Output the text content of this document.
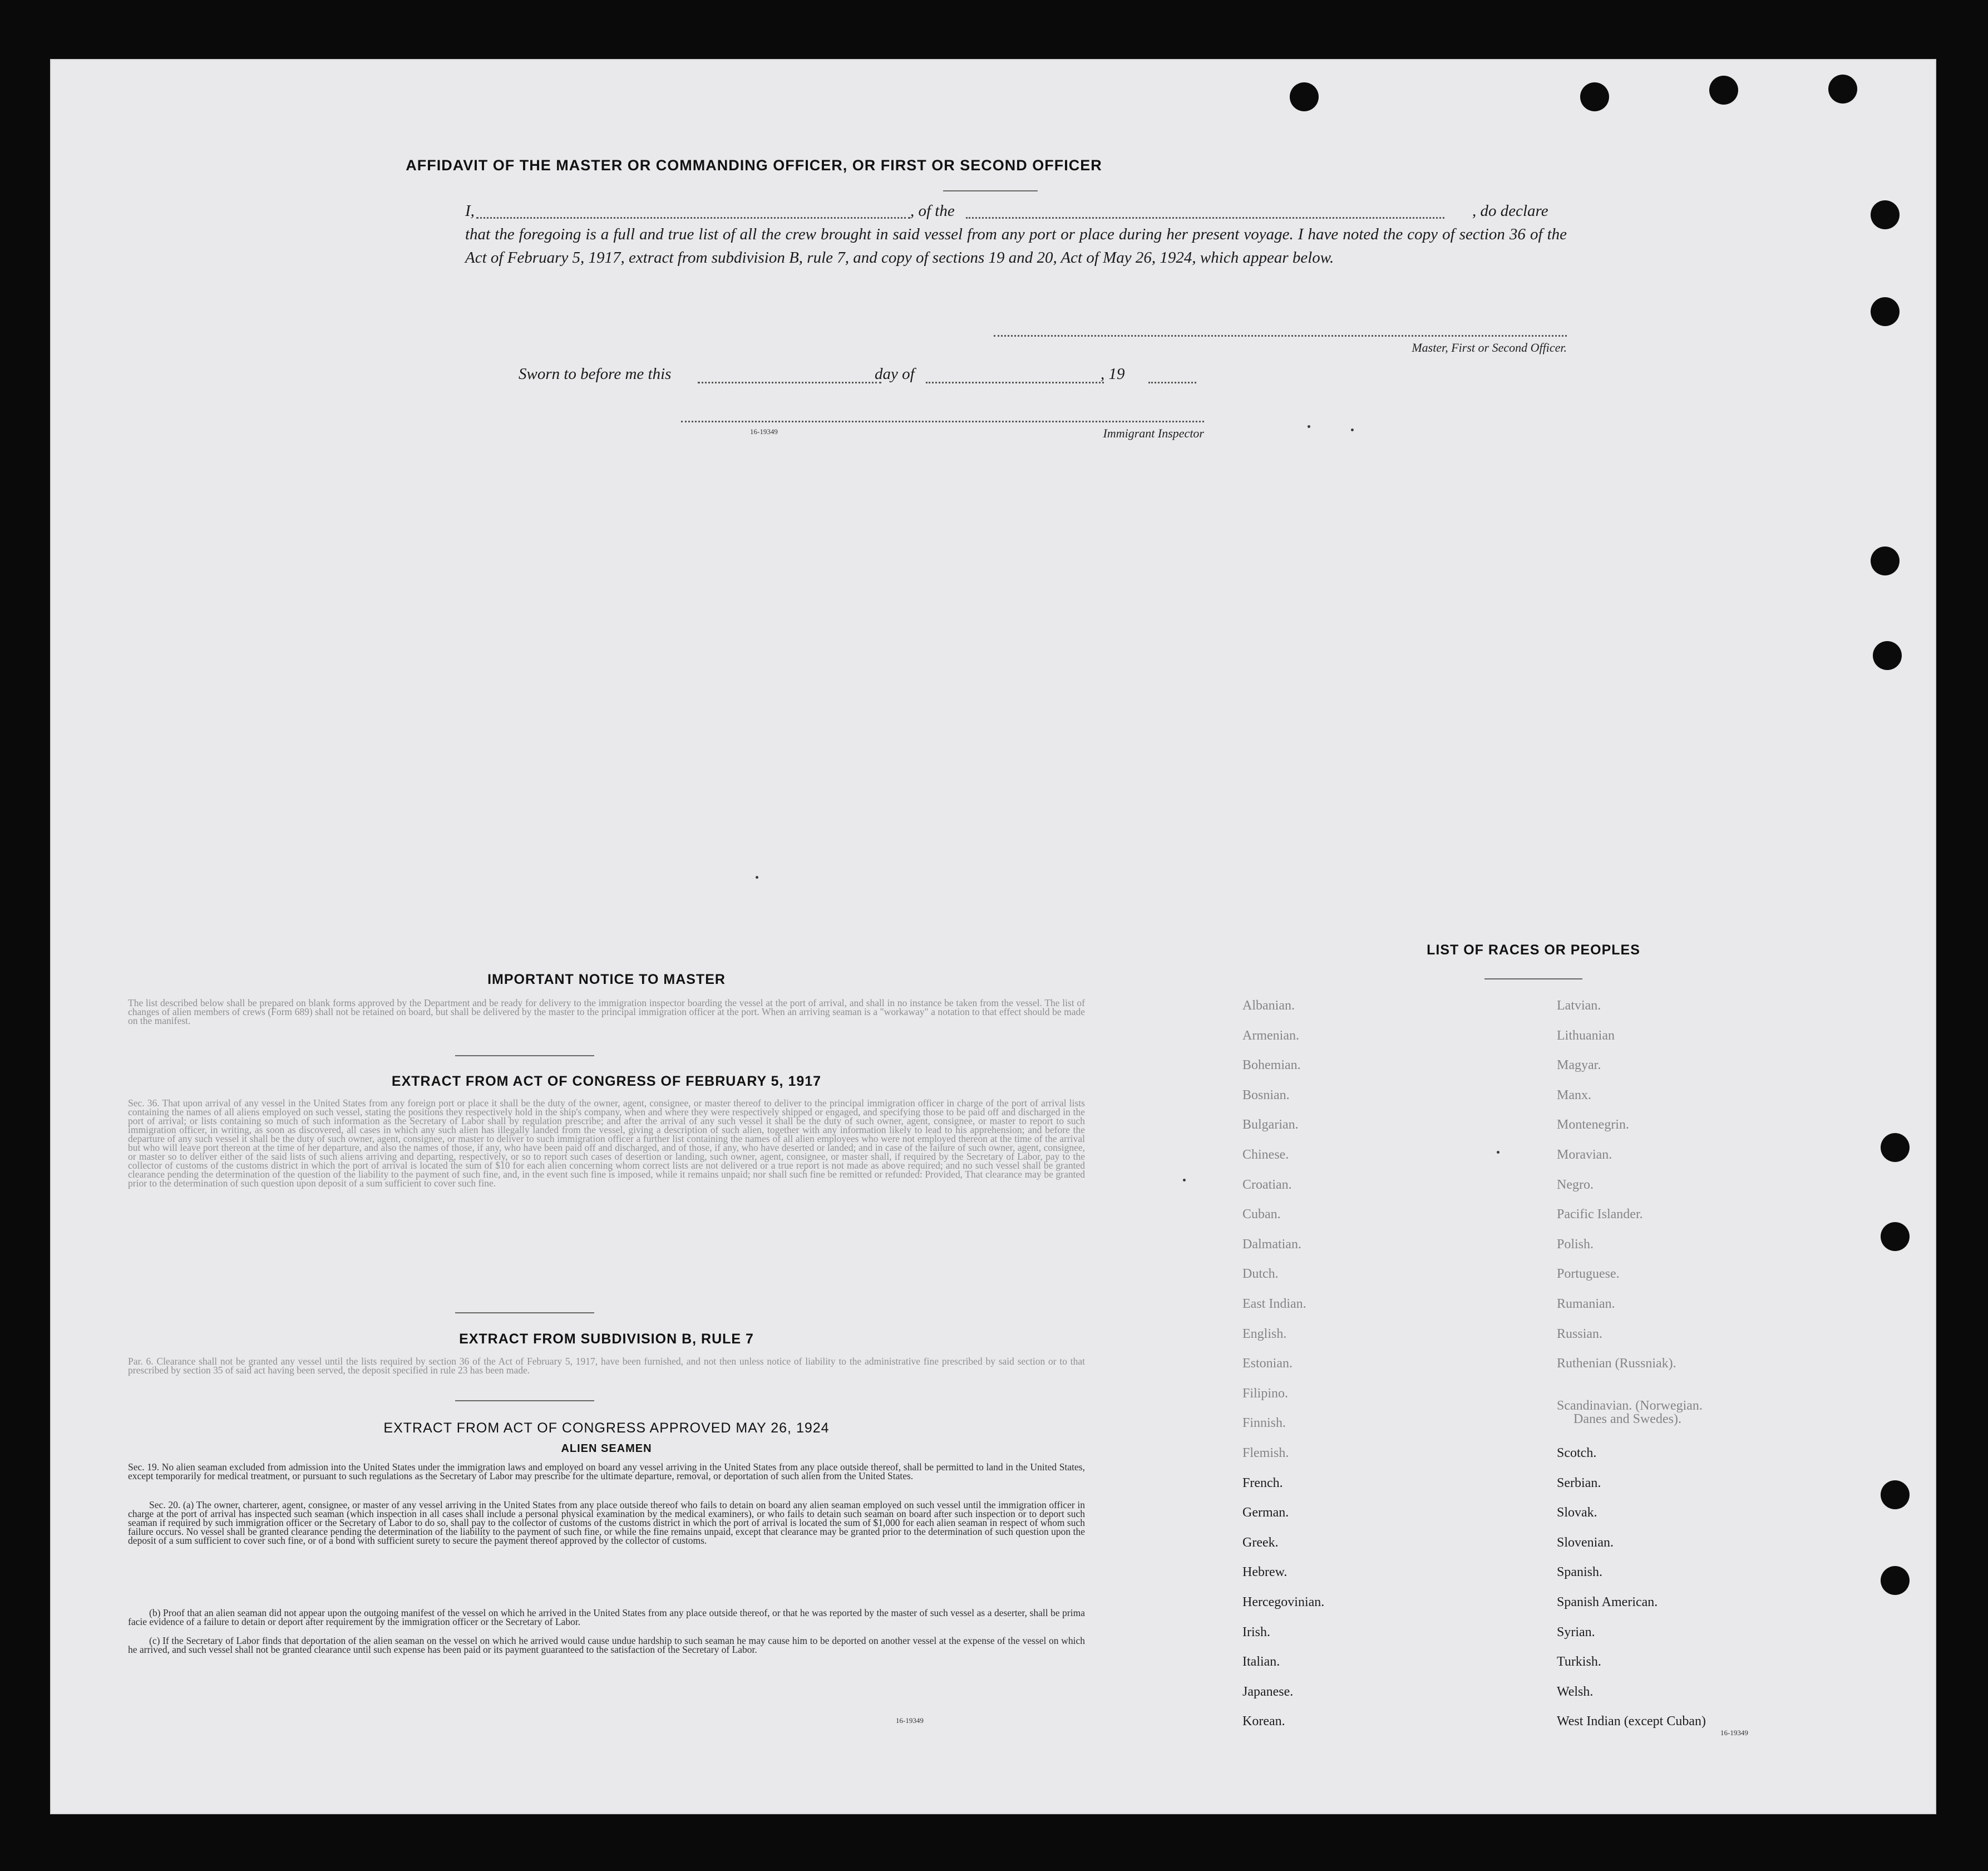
AFFIDAVIT OF THE MASTER OR COMMANDING OFFICER, OR FIRST OR SECOND OFFICER
I,	, of the	, do declare
that the foregoing is a full and true list of all the crew brought in said vessel from any port or place during her present voyage. I have noted the copy of section 36 of the Act of February 5, 1917, extract from subdivision B, rule 7, and copy of sections 19 and 20, Act of May 26, 1924, which appear below.
Master, First or Second Officer.
Sworn to before me this	day of	, 19
16-19349	Immigrant Inspector
IMPORTANT NOTICE TO MASTER
The list described below shall be prepared on blank forms approved by the Department and be ready for delivery to the immigration inspector boarding the vessel at the port of arrival, and shall in no instance be taken from the vessel. The list of changes of alien members of crews (Form 689) shall not be retained on board, but shall be delivered by the master to the principal immigration officer at the port. When an arriving seaman is a "workaway" a notation to that effect should be made on the manifest.
EXTRACT FROM ACT OF CONGRESS OF FEBRUARY 5, 1917
Sec. 36. That upon arrival of any vessel in the United States from any foreign port or place it shall be the duty of the owner, agent, consignee, or master thereof to deliver to the principal immigration officer in charge of the port of arrival lists containing the names of all aliens employed on such vessel, stating the positions they respectively hold in the ship's company, when and where they were respectively shipped or engaged, and specifying those to be paid off and discharged in the port of arrival; or lists containing so much of such information as the Secretary of Labor shall by regulation prescribe; and after the arrival of any such vessel it shall be the duty of such owner, agent, consignee, or master to report to such immigration officer, in writing, as soon as discovered, all cases in which any such alien has illegally landed from the vessel, giving a description of such alien, together with any information likely to lead to his apprehension; and before the departure of any such vessel it shall be the duty of such owner, agent, consignee, or master to deliver to such immigration officer a further list containing the names of all alien employees who were not employed thereon at the time of the arrival but who will leave port thereon at the time of her departure, and also the names of those, if any, who have been paid off and discharged, and of those, if any, who have deserted or landed; and in case of the failure of such owner, agent, consignee, or master so to deliver either of the said lists of such aliens arriving and departing, respectively, or so to report such cases of desertion or landing, such owner, agent, consignee, or master shall, if required by the Secretary of Labor, pay to the collector of customs of the customs district in which the port of arrival is located the sum of $10 for each alien concerning whom correct lists are not delivered or a true report is not made as above required; and no such vessel shall be granted clearance pending the determination of the question of the liability to the payment of such fine, and, in the event such fine is imposed, while it remains unpaid; nor shall such fine be remitted or refunded: Provided, That clearance may be granted prior to the determination of such question upon deposit of a sum sufficient to cover such fine.
EXTRACT FROM SUBDIVISION B, RULE 7
Par. 6. Clearance shall not be granted any vessel until the lists required by section 36 of the Act of February 5, 1917, have been furnished, and not then unless notice of liability to the administrative fine prescribed by said section or to that prescribed by section 35 of said act having been served, the deposit specified in rule 23 has been made.
EXTRACT FROM ACT OF CONGRESS APPROVED MAY 26, 1924
ALIEN SEAMEN
Sec. 19. No alien seaman excluded from admission into the United States under the immigration laws and employed on board any vessel arriving in the United States from any place outside thereof, shall be permitted to land in the United States, except temporarily for medical treatment, or pursuant to such regulations as the Secretary of Labor may prescribe for the ultimate departure, removal, or deportation of such alien from the United States.
Sec. 20. (a) The owner, charterer, agent, consignee, or master of any vessel arriving in the United States from any place outside thereof who fails to detain on board any alien seaman employed on such vessel until the immigration officer in charge at the port of arrival has inspected such seaman (which inspection in all cases shall include a personal physical examination by the medical examiners), or who fails to detain such seaman on board after such inspection or to deport such seaman if required by such immigration officer or the Secretary of Labor to do so, shall pay to the collector of customs of the customs district in which the port of arrival is located the sum of $1,000 for each alien seaman in respect of whom such failure occurs. No vessel shall be granted clearance pending the determination of the liability to the payment of such fine, or while the fine remains unpaid, except that clearance may be granted prior to the determination of such question upon the deposit of a sum sufficient to cover such fine, or of a bond with sufficient surety to secure the payment thereof approved by the collector of customs.
(b) Proof that an alien seaman did not appear upon the outgoing manifest of the vessel on which he arrived in the United States from any place outside thereof, or that he was reported by the master of such vessel as a deserter, shall be prima facie evidence of a failure to detain or deport after requirement by the immigration officer or the Secretary of Labor.
(c) If the Secretary of Labor finds that deportation of the alien seaman on the vessel on which he arrived would cause undue hardship to such seaman he may cause him to be deported on another vessel at the expense of the vessel on which he arrived, and such vessel shall not be granted clearance until such expense has been paid or its payment guaranteed to the satisfaction of the Secretary of Labor.
16-19349
LIST OF RACES OR PEOPLES
Albanian.
Armenian.
Bohemian.
Bosnian.
Bulgarian.
Chinese.
Croatian.
Cuban.
Dalmatian.
Dutch.
East Indian.
English.
Estonian.
Filipino.
Finnish.
Flemish.
French.
German.
Greek.
Hebrew.
Hercegovinian.
Irish.
Italian.
Japanese.
Korean.
Latvian.
Lithuanian
Magyar.
Manx.
Montenegrin.
Moravian.
Negro.
Pacific Islander.
Polish.
Portuguese.
Rumanian.
Russian.
Ruthenian (Russniak).
Scandinavian. (Norwegian.
Danes and Swedes).
Scotch.
Serbian.
Slovak.
Slovenian.
Spanish.
Spanish American.
Syrian.
Turkish.
Welsh.
West Indian (except Cuban)
16-19349
